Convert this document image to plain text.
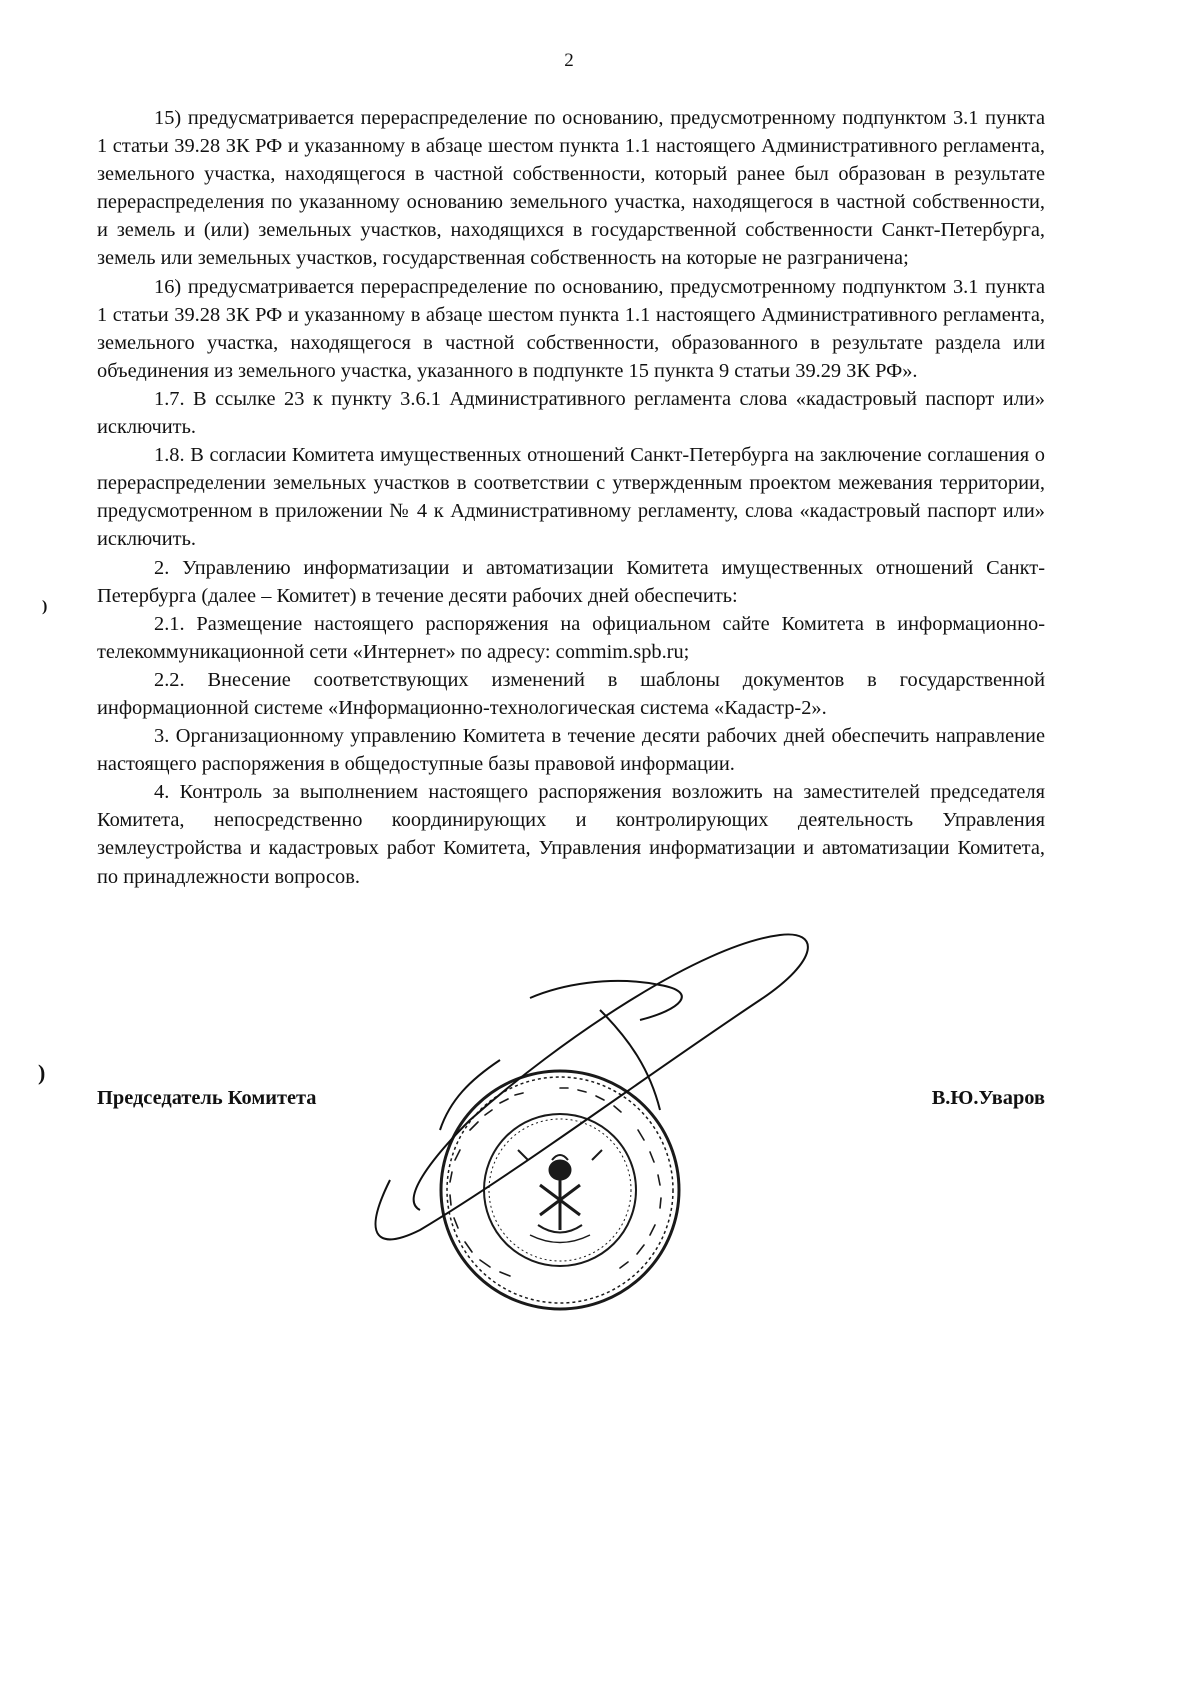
2

15) предусматривается перераспределение по основанию, предусмотренному подпунктом 3.1 пункта 1 статьи 39.28 ЗК РФ и указанному в абзаце шестом пункта 1.1 настоящего Административного регламента, земельного участка, находящегося в частной собственности, который ранее был образован в результате перераспределения по указанному основанию земельного участка, находящегося в частной собственности, и земель и (или) земельных участков, находящихся в государственной собственности Санкт-Петербурга, земель или земельных участков, государственная собственность на которые не разграничена;

16) предусматривается перераспределение по основанию, предусмотренному подпунктом 3.1 пункта 1 статьи 39.28 ЗК РФ и указанному в абзаце шестом пункта 1.1 настоящего Административного регламента, земельного участка, находящегося в частной собственности, образованного в результате раздела или объединения из земельного участка, указанного в подпункте 15 пункта 9 статьи 39.29 ЗК РФ».

1.7. В ссылке 23 к пункту 3.6.1 Административного регламента слова «кадастровый паспорт или» исключить.

1.8. В согласии Комитета имущественных отношений Санкт-Петербурга на заключение соглашения о перераспределении земельных участков в соответствии с утвержденным проектом межевания территории, предусмотренном в приложении № 4 к Административному регламенту, слова «кадастровый паспорт или» исключить.

2. Управлению информатизации и автоматизации Комитета имущественных отношений Санкт-Петербурга (далее – Комитет) в течение десяти рабочих дней обеспечить:

2.1. Размещение настоящего распоряжения на официальном сайте Комитета в информационно-телекоммуникационной сети «Интернет» по адресу: commim.spb.ru;

2.2. Внесение соответствующих изменений в шаблоны документов в государственной информационной системе «Информационно-технологическая система «Кадастр-2».

3. Организационному управлению Комитета в течение десяти рабочих дней обеспечить направление настоящего распоряжения в общедоступные базы правовой информации.

4. Контроль за выполнением настоящего распоряжения возложить на заместителей председателя Комитета, непосредственно координирующих и контролирующих деятельность Управления землеустройства и кадастровых работ Комитета, Управления информатизации и автоматизации Комитета, по принадлежности вопросов.

)
)
Председатель Комитета	В.Ю.Уваров
